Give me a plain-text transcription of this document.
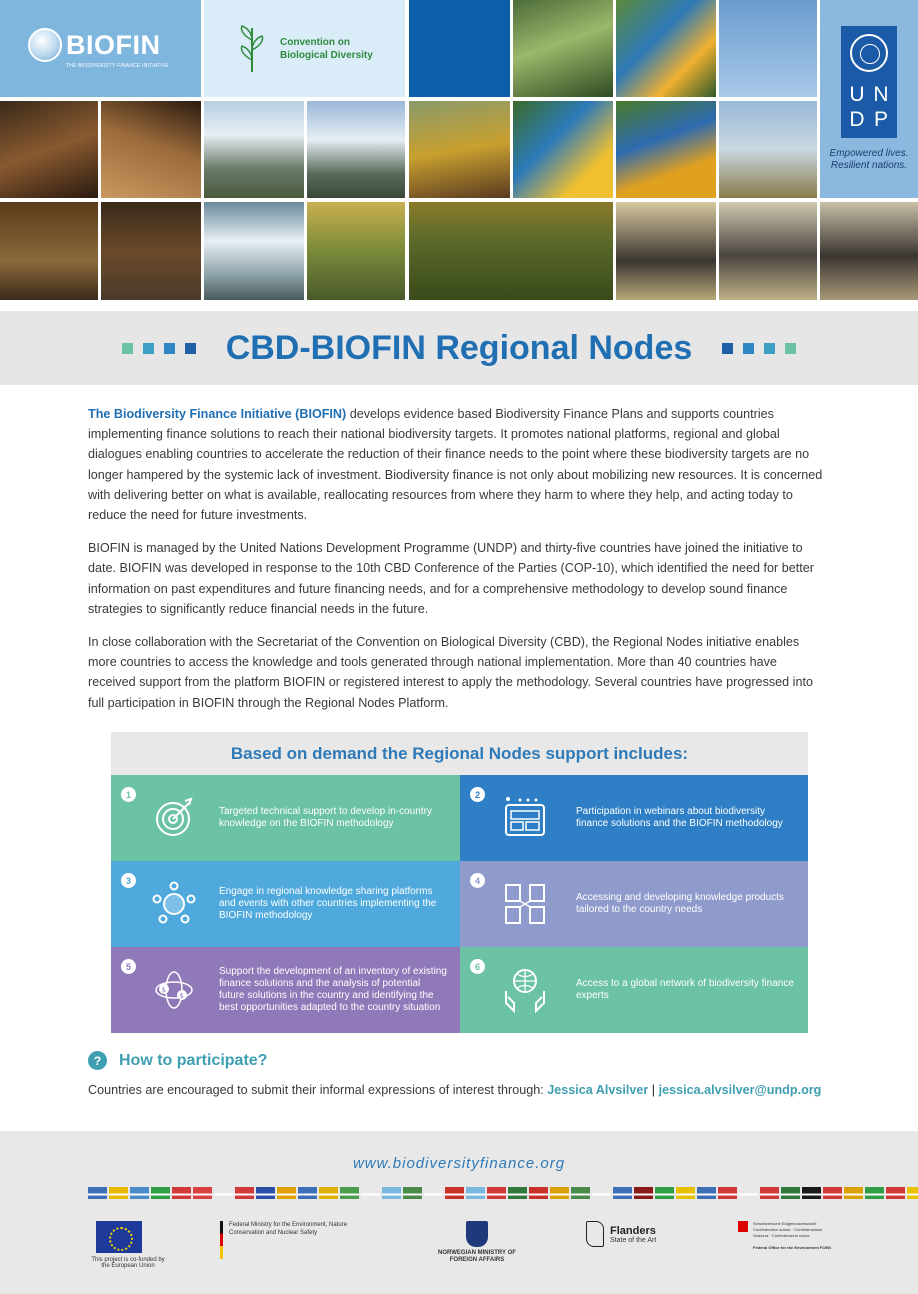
BIOFIN
THE BIODIVERSITY FINANCE INITIATIVE
Convention on
Biological Diversity
U N
D P
Empowered lives.
Resilient nations.
CBD-BIOFIN Regional Nodes

The Biodiversity Finance Initiative (BIOFIN) develops evidence based Biodiversity Finance Plans and supports countries implementing finance solutions to reach their national biodiversity targets. It promotes national platforms, regional and global dialogues enabling countries to accelerate the reduction of their finance needs to the point where these biodiversity targets are no longer hampered by the systemic lack of investment. Biodiversity finance is not only about mobilizing new resources. It is concerned with delivering better on what is available, reallocating resources from where they harm to where they help, and acting today to reduce the need for future investments.

BIOFIN is managed by the United Nations Development Programme (UNDP) and thirty-five countries have joined the initiative to date. BIOFIN was developed in response to the 10th CBD Conference of the Parties (COP-10), which identified the need for better information on past expenditures and future financing needs, and for a comprehensive methodology to develop sound finance strategies to significantly reduce financial needs in the future.

In close collaboration with the Secretariat of the Convention on Biological Diversity (CBD), the Regional Nodes initiative enables more countries to access the knowledge and tools generated through national implementation. More than 40 countries have received support from the platform BIOFIN or registered interest to apply the methodology. Several countries have progressed into full participation in BIOFIN through the Regional Nodes Platform.

Based on demand the Regional Nodes support includes:
1
Targeted technical support to develop in-country knowledge on the BIOFIN methodology
2
Participation in webinars about biodiversity finance solutions and the BIOFIN methodology
3
Engage in regional knowledge sharing platforms and events with other countries implementing the BIOFIN methodology
4
Accessing and developing knowledge products tailored to the country needs
5
$
$
Support the development of an inventory of existing finance solutions and the analysis of potential future solutions in the country and identifying the best opportunities adapted to the country situation
6
Access to a global network of biodiversity finance experts
?	How to participate?
Countries are encouraged to submit their informal expressions of interest through: Jessica Alvsilver | jessica.alvsilver@undp.org
www.biodiversityfinance.org
This project is co-funded by the European Union
Federal Ministry for the Environment, Nature Conservation and Nuclear Safety
NORWEGIAN MINISTRY OF FOREIGN AFFAIRS
Flanders
State of the Art
Schweizerische Eidgenossenschaft · Confédération suisse · Confederazione Svizzera · Confederaziun svizra
Federal Office for the Environment FOEN
